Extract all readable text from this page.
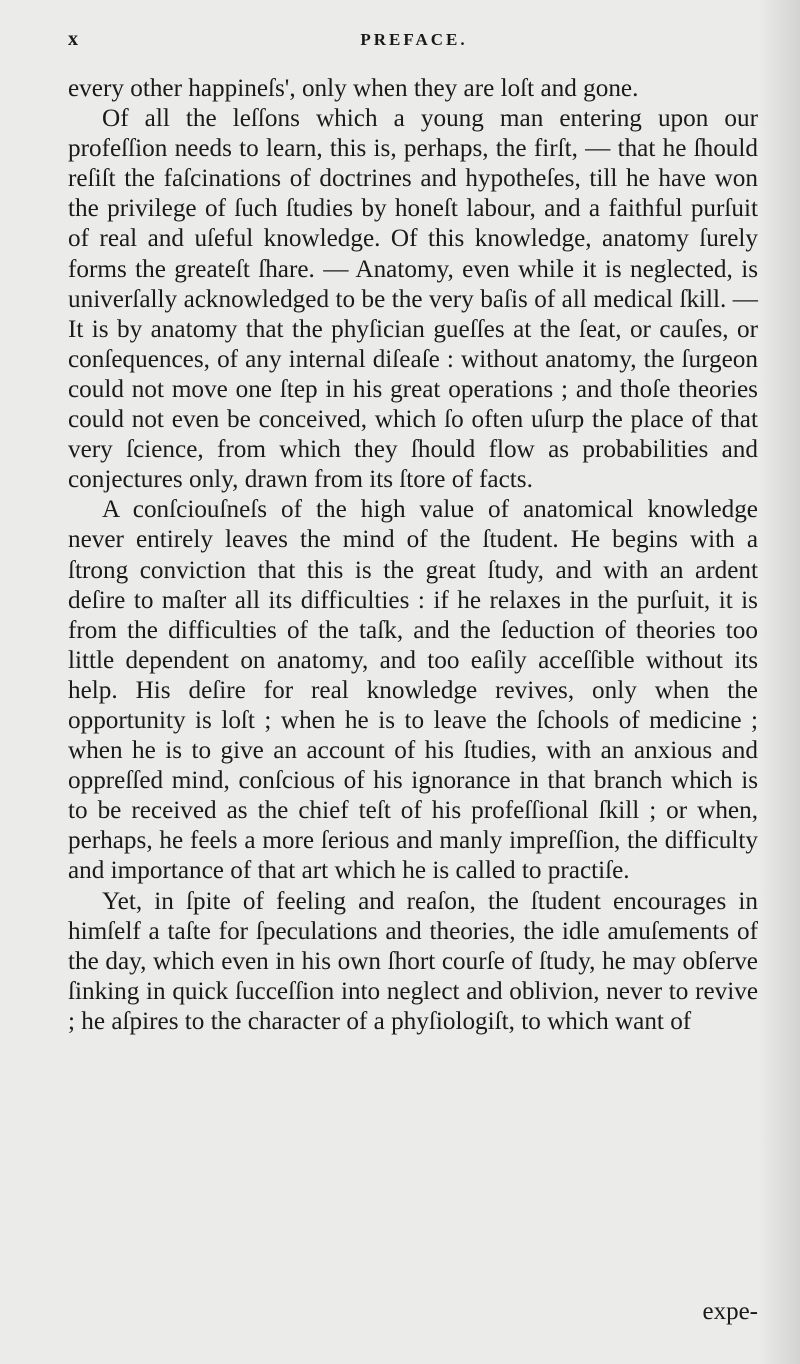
x	PREFACE.

every other happineſs', only when they are loſt and gone.

Of all the leſſons which a young man entering upon our profeſſion needs to learn, this is, perhaps, the firſt, — that he ſhould reſiſt the faſcinations of doctrines and hypotheſes, till he have won the privilege of ſuch ſtudies by honeſt labour, and a faithful purſuit of real and uſeful knowledge. Of this knowledge, anatomy ſurely forms the greateſt ſhare. — Anatomy, even while it is neglected, is univerſally acknowledged to be the very baſis of all medical ſkill. — It is by anatomy that the phyſician gueſſes at the ſeat, or cauſes, or conſequences, of any internal diſeaſe : without anatomy, the ſurgeon could not move one ſtep in his great operations ; and thoſe theories could not even be conceived, which ſo often uſurp the place of that very ſcience, from which they ſhould flow as probabilities and conjectures only, drawn from its ſtore of facts.

A conſciouſneſs of the high value of anatomical knowledge never entirely leaves the mind of the ſtudent. He begins with a ſtrong conviction that this is the great ſtudy, and with an ardent deſire to maſter all its difficulties : if he relaxes in the purſuit, it is from the difficulties of the taſk, and the ſeduction of theories too little dependent on anatomy, and too eaſily acceſſible without its help. His deſire for real knowledge revives, only when the opportunity is loſt ; when he is to leave the ſchools of medicine ; when he is to give an account of his ſtudies, with an anxious and oppreſſed mind, conſcious of his ignorance in that branch which is to be received as the chief teſt of his profeſſional ſkill ; or when, perhaps, he feels a more ſerious and manly impreſſion, the difficulty and importance of that art which he is called to practiſe.

Yet, in ſpite of feeling and reaſon, the ſtudent encourages in himſelf a taſte for ſpeculations and theories, the idle amuſements of the day, which even in his own ſhort courſe of ſtudy, he may obſerve ſinking in quick ſucceſſion into neglect and oblivion, never to revive ; he aſpires to the character of a phyſiologiſt, to which want of

expe-
